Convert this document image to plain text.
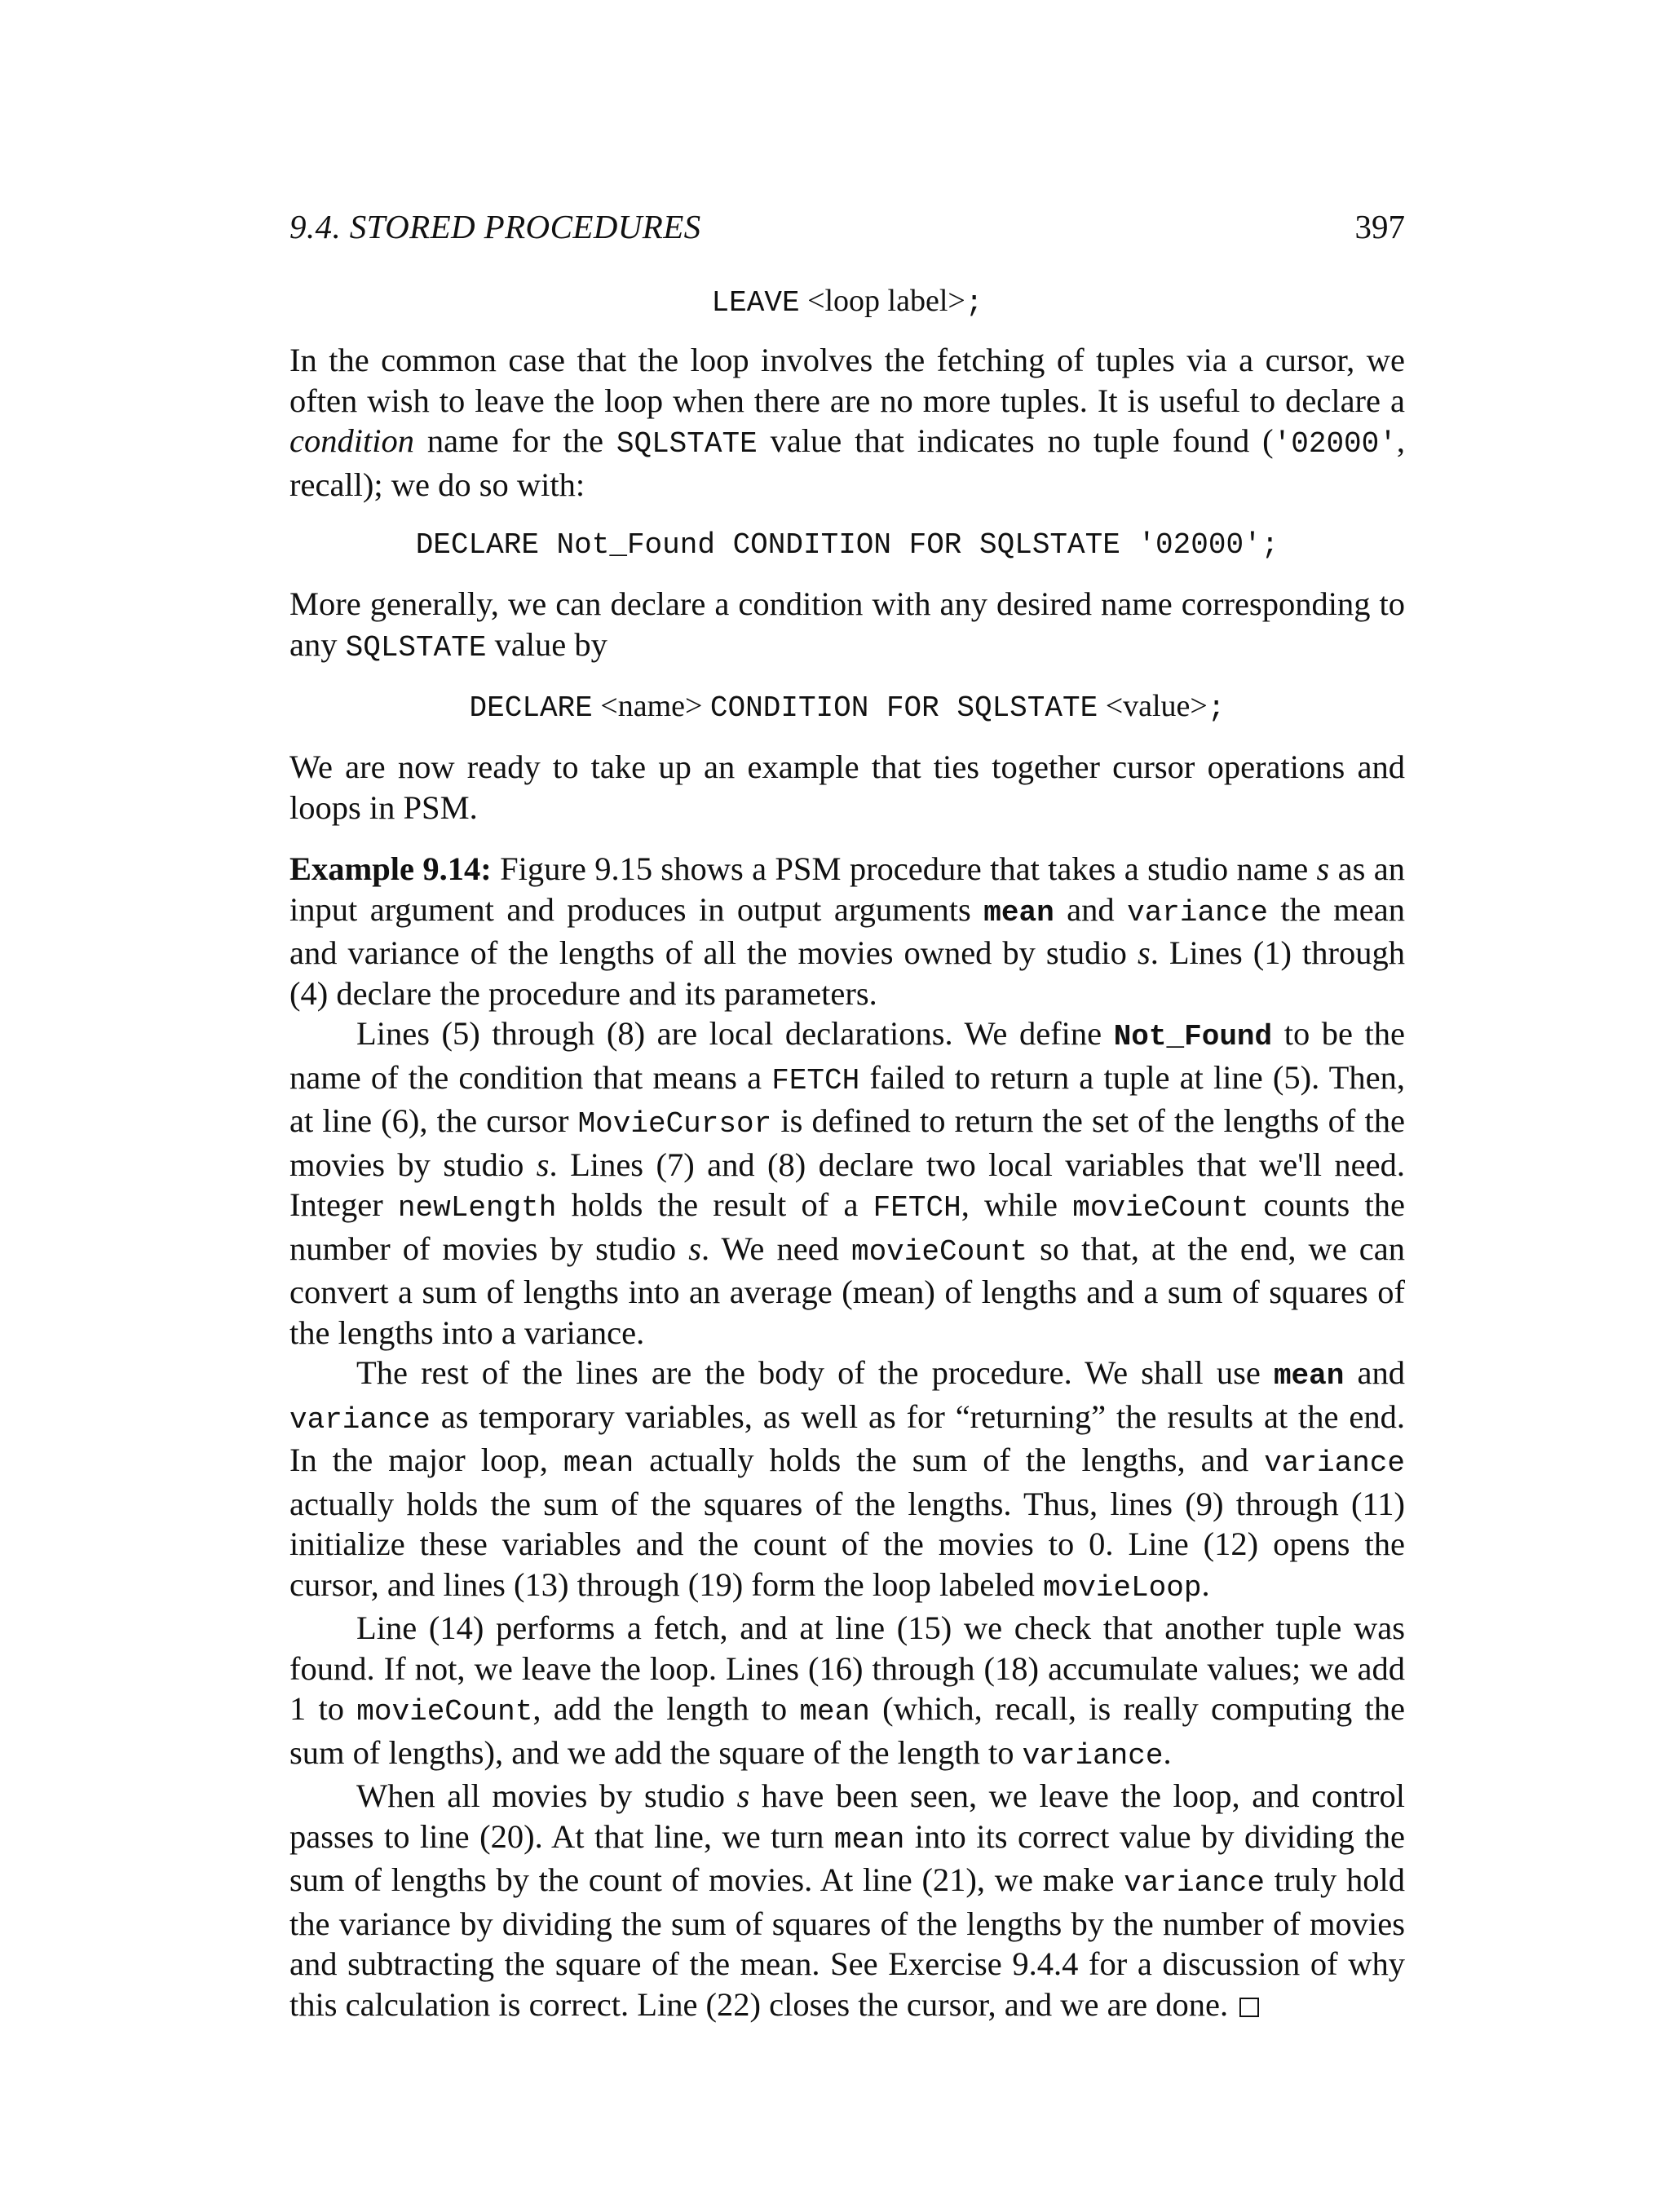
9.4. STORED PROCEDURES	397
LEAVE <loop label>;

In the common case that the loop involves the fetching of tuples via a cursor, we often wish to leave the loop when there are no more tuples. It is useful to declare a condition name for the SQLSTATE value that indicates no tuple found ('02000', recall); we do so with:

DECLARE Not_Found CONDITION FOR SQLSTATE '02000';

More generally, we can declare a condition with any desired name corresponding to any SQLSTATE value by

DECLARE <name> CONDITION FOR SQLSTATE <value>;

We are now ready to take up an example that ties together cursor operations and loops in PSM.

Example 9.14: Figure 9.15 shows a PSM procedure that takes a studio name s as an input argument and produces in output arguments mean and variance the mean and variance of the lengths of all the movies owned by studio s. Lines (1) through (4) declare the procedure and its parameters.

Lines (5) through (8) are local declarations. We define Not_Found to be the name of the condition that means a FETCH failed to return a tuple at line (5). Then, at line (6), the cursor MovieCursor is defined to return the set of the lengths of the movies by studio s. Lines (7) and (8) declare two local variables that we'll need. Integer newLength holds the result of a FETCH, while movieCount counts the number of movies by studio s. We need movieCount so that, at the end, we can convert a sum of lengths into an average (mean) of lengths and a sum of squares of the lengths into a variance.

The rest of the lines are the body of the procedure. We shall use mean and variance as temporary variables, as well as for “returning” the results at the end. In the major loop, mean actually holds the sum of the lengths, and variance actually holds the sum of the squares of the lengths. Thus, lines (9) through (11) initialize these variables and the count of the movies to 0. Line (12) opens the cursor, and lines (13) through (19) form the loop labeled movieLoop.

Line (14) performs a fetch, and at line (15) we check that another tuple was found. If not, we leave the loop. Lines (16) through (18) accumulate values; we add 1 to movieCount, add the length to mean (which, recall, is really computing the sum of lengths), and we add the square of the length to variance.

When all movies by studio s have been seen, we leave the loop, and control passes to line (20). At that line, we turn mean into its correct value by dividing the sum of lengths by the count of movies. At line (21), we make variance truly hold the variance by dividing the sum of squares of the lengths by the number of movies and subtracting the square of the mean. See Exercise 9.4.4 for a discussion of why this calculation is correct. Line (22) closes the cursor, and we are done.
